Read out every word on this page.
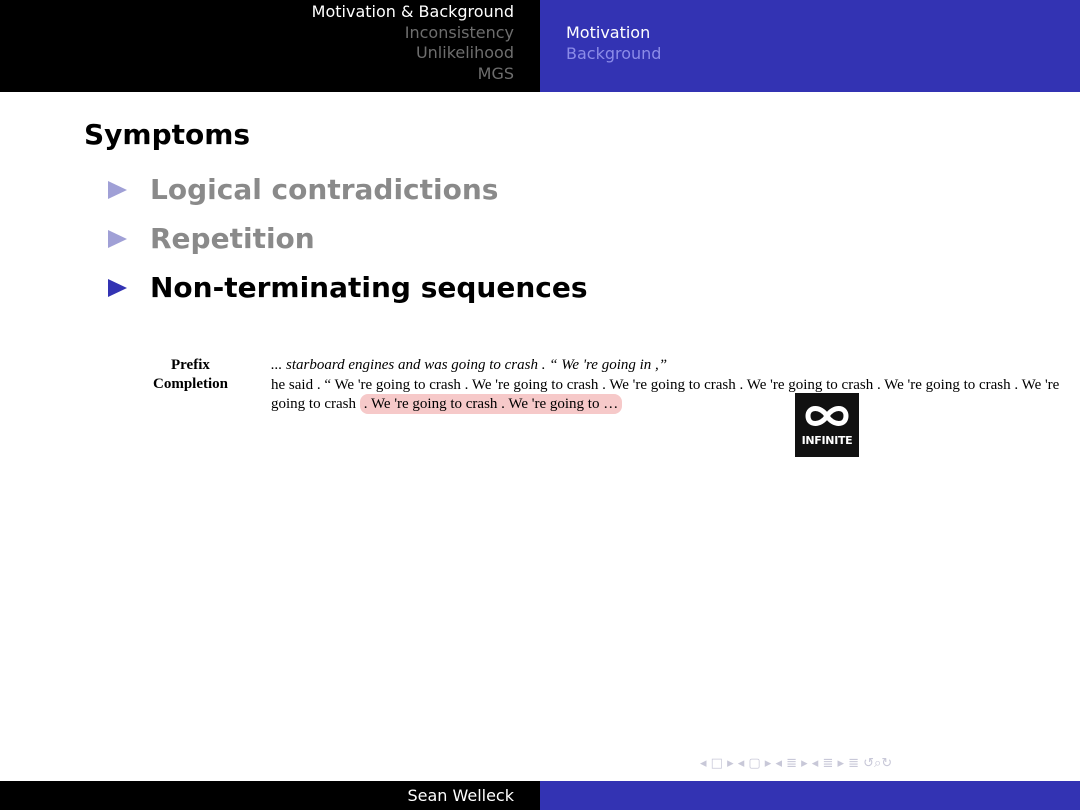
Motivation & Background
Inconsistency
Unlikelihood
MGS
Motivation
Background
Symptoms
Logical contradictions
Repetition
Non-terminating sequences
Prefix
Completion
... starboard engines and was going to crash . “ We 're going in ,”
he said . “ We 're going to crash . We 're going to crash . We 're going to crash . We 're going to crash . We 're going to crash . We 're going to crash . We 're going to crash . We 're going to …
INFINITE
◂ □ ▸ ◂ ▢ ▸ ◂ ≣ ▸ ◂ ≣ ▸ ≣ ↺⌕↻
Sean Welleck
